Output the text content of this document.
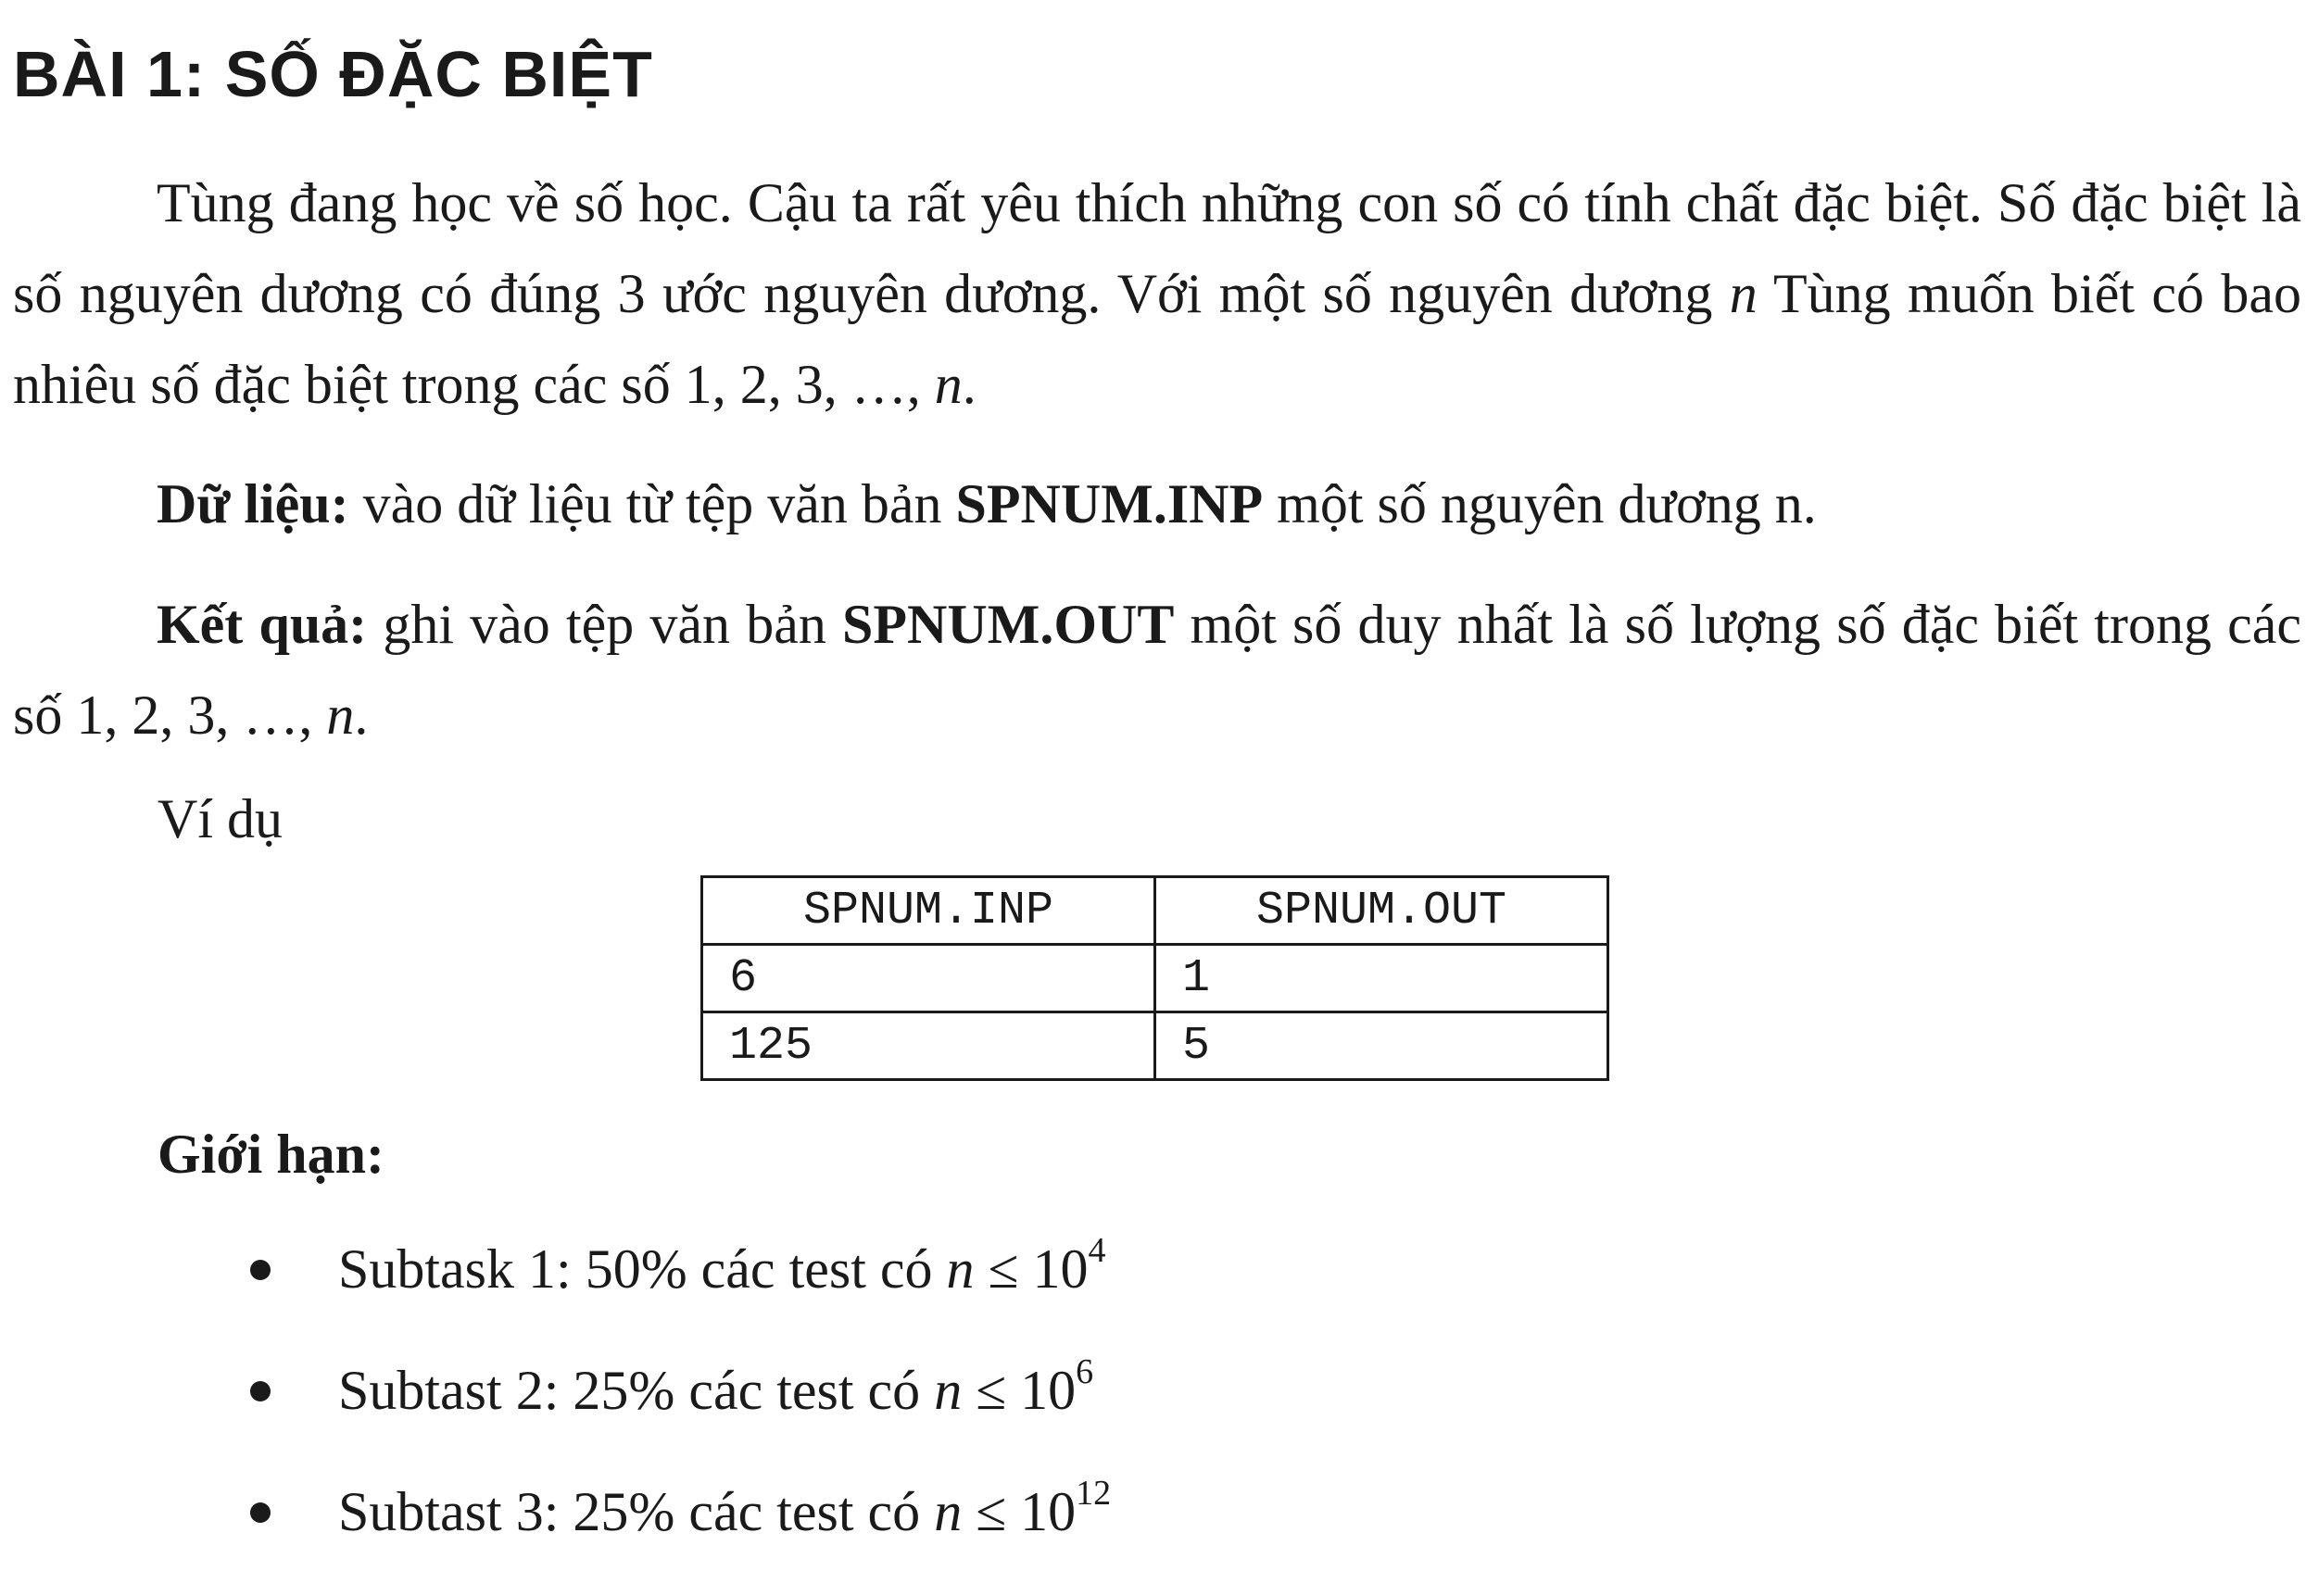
BÀI 1: SỐ ĐẶC BIỆT

Tùng đang học về số học. Cậu ta rất yêu thích những con số có tính chất đặc biệt. Số đặc biệt là số nguyên dương có đúng 3 ước nguyên dương. Với một số nguyên dương n Tùng muốn biết có bao nhiêu số đặc biệt trong các số 1, 2, 3, …, n.

Dữ liệu: vào dữ liệu từ tệp văn bản SPNUM.INP một số nguyên dương n.

Kết quả: ghi vào tệp văn bản SPNUM.OUT một số duy nhất là số lượng số đặc biết trong các số 1, 2, 3, …, n.

Ví dụ

SPNUM.INP	SPNUM.OUT
6	1
125	5

Giới hạn:

Subtask 1: 50% các test có $n \le 10^4$
Subtast 2: 25% các test có $n \le 10^6$
Subtast 3: 25% các test có $n \le 10^{12}$
